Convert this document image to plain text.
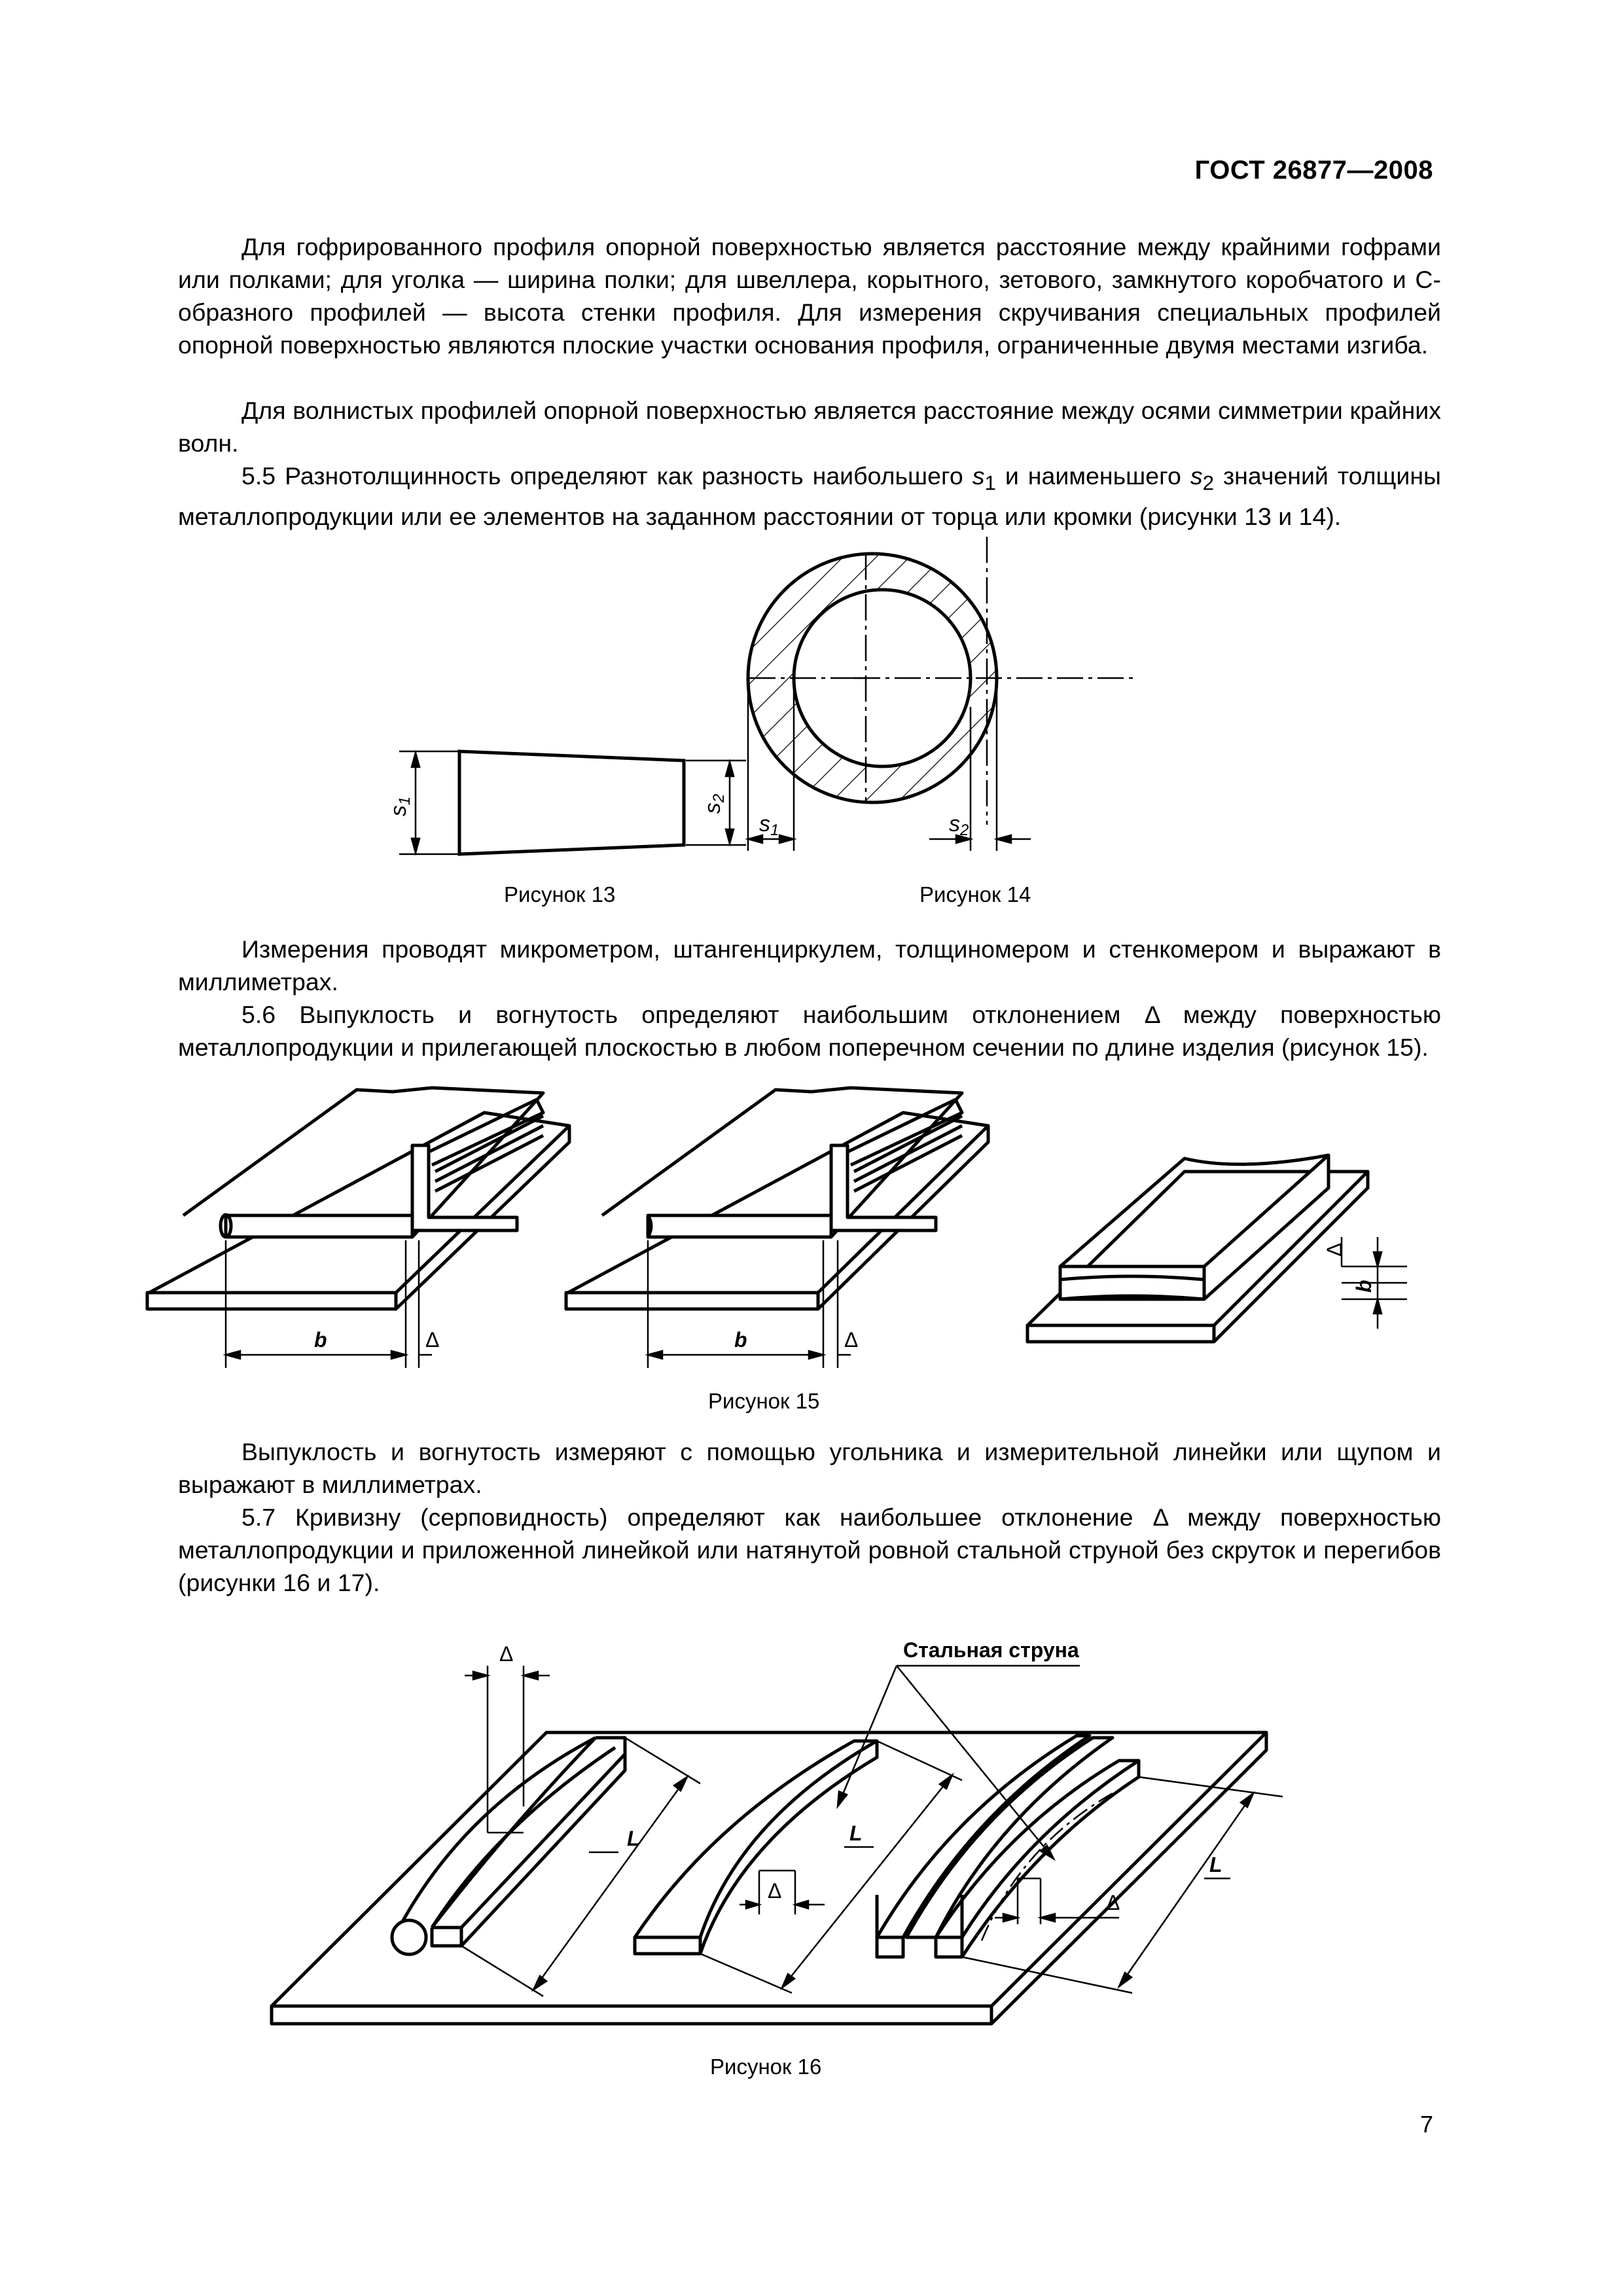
ГОСТ 26877—2008

Для гофрированного профиля опорной поверхностью является расстояние между крайними гофрами или полками; для уголка — ширина полки; для швеллера, корытного, зетового, замкнутого коробчатого и С-образного профилей — высота стенки профиля. Для измерения скручивания специальных профилей опорной поверхностью являются плоские участки основания профиля, ограниченные двумя местами изгиба.

Для волнистых профилей опорной поверхностью является расстояние между осями симметрии крайних волн.

5.5 Разнотолщинность определяют как разность наибольшего $s_1$ и наименьшего $s_2$ значений толщины металлопродукции или ее элементов на заданном расстоянии от торца или кромки (рисунки 13 и 14).

s1
s2
Рисунок 13
s1	s2
Рисунок 14

Измерения проводят микрометром, штангенциркулем, толщиномером и стенкомером и выражают в миллиметрах.

5.6 Выпуклость и вогнутость определяют наибольшим отклонением Δ между поверхностью металлопродукции и прилегающей плоскостью в любом поперечном сечении по длине изделия (рисунок 15).

b	Δ	b	Δ
Δ
b
Рисунок 15

Выпуклость и вогнутость измеряют с помощью угольника и измерительной линейки или щупом и выражают в миллиметрах.

5.7 Кривизну (серповидность) определяют как наибольшее отклонение Δ между поверхностью металлопродукции и приложенной линейкой или натянутой ровной стальной струной без скруток и перегибов (рисунки 16 и 17).

Δ
L
Δ
L
Δ
L
Стальная струна
Рисунок 16
7
